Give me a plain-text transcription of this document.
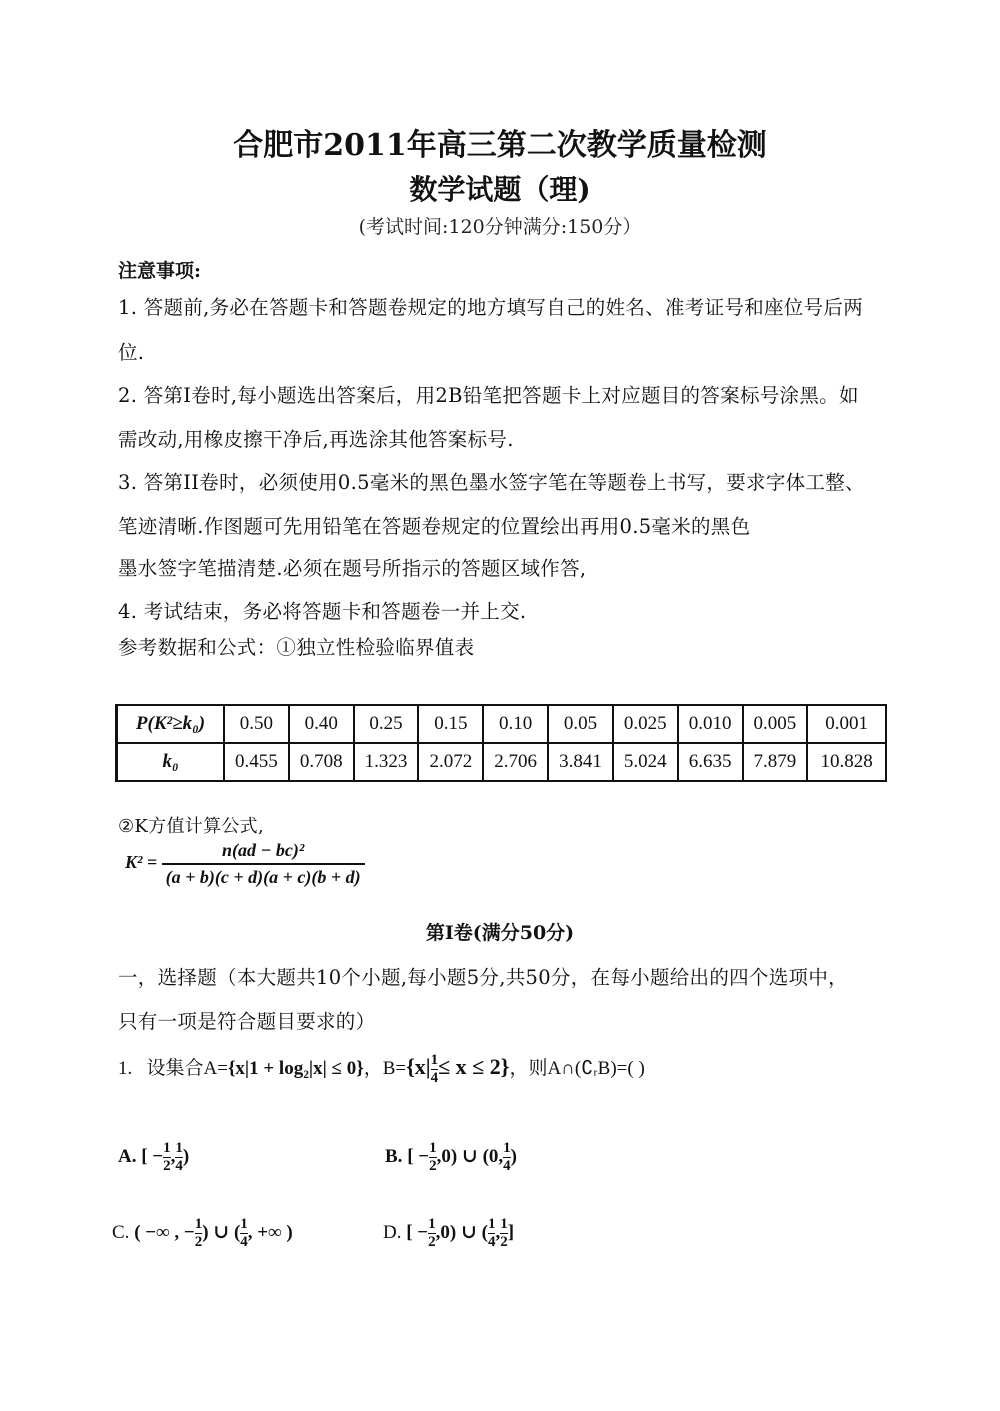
合肥市2011年高三第二次教学质量检测
数学试题（理)
(考试时间:120分钟满分:150分）
注意事项:
1. 答题前,务必在答题卡和答题卷规定的地方填写自己的姓名、准考证号和座位号后两
位.
2. 答第I卷时,每小题选出答案后，用2B铅笔把答题卡上对应题目的答案标号涂黑。如
需改动,用橡皮擦干净后,再选涂其他答案标号.
3. 答第II卷时，必须使用0.5毫米的黑色墨水签字笔在等题卷上书写，要求字体工整、
笔迹清晰.作图题可先用铅笔在答题卷规定的位置绘出再用0.5毫米的黑色
墨水签字笔描清楚.必须在题号所指示的答题区域作答,
4. 考试结束，务必将答题卡和答题卷一并上交.
参考数据和公式：①独立性检验临界值表
P(K²≥k₀)	0.50	0.40	0.25	0.15	0.10	0.05	0.025	0.010	0.005	0.001
k₀	0.455	0.708	1.323	2.072	2.706	3.841	5.024	6.635	7.879	10.828
②K方值计算公式,
$K^2 = \frac{\text{n(ad − bc)²}}{(a + b)(c + d)(a + c)(b + d)}$
第I卷(满分50分)
一，选择题（本大题共10个小题,每小题5分,共50分，在每小题给出的四个选项中，
只有一项是符合题目要求的）
1. 设集合A={x|1 + log₂|x| ≤ 0}，$B=\{x| \frac{1}{4} \le x \le 2\}$，则A∩(∁ᵣB)=( )
A. [ − $\frac{1}{2}$ , $\frac{1}{4}$ )	B. [ − $\frac{1}{2} ,0$) ∪ (0, $\frac{1}{4}$ )
C. ( −∞ , − $\frac{1}{2}$ ) ∪ ( $\frac{1}{4}$ , +∞ )	D. [ − $\frac{1}{2} ,0$) ∪ ( $\frac{1}{4}$ , $\frac{1}{2}$ ]
